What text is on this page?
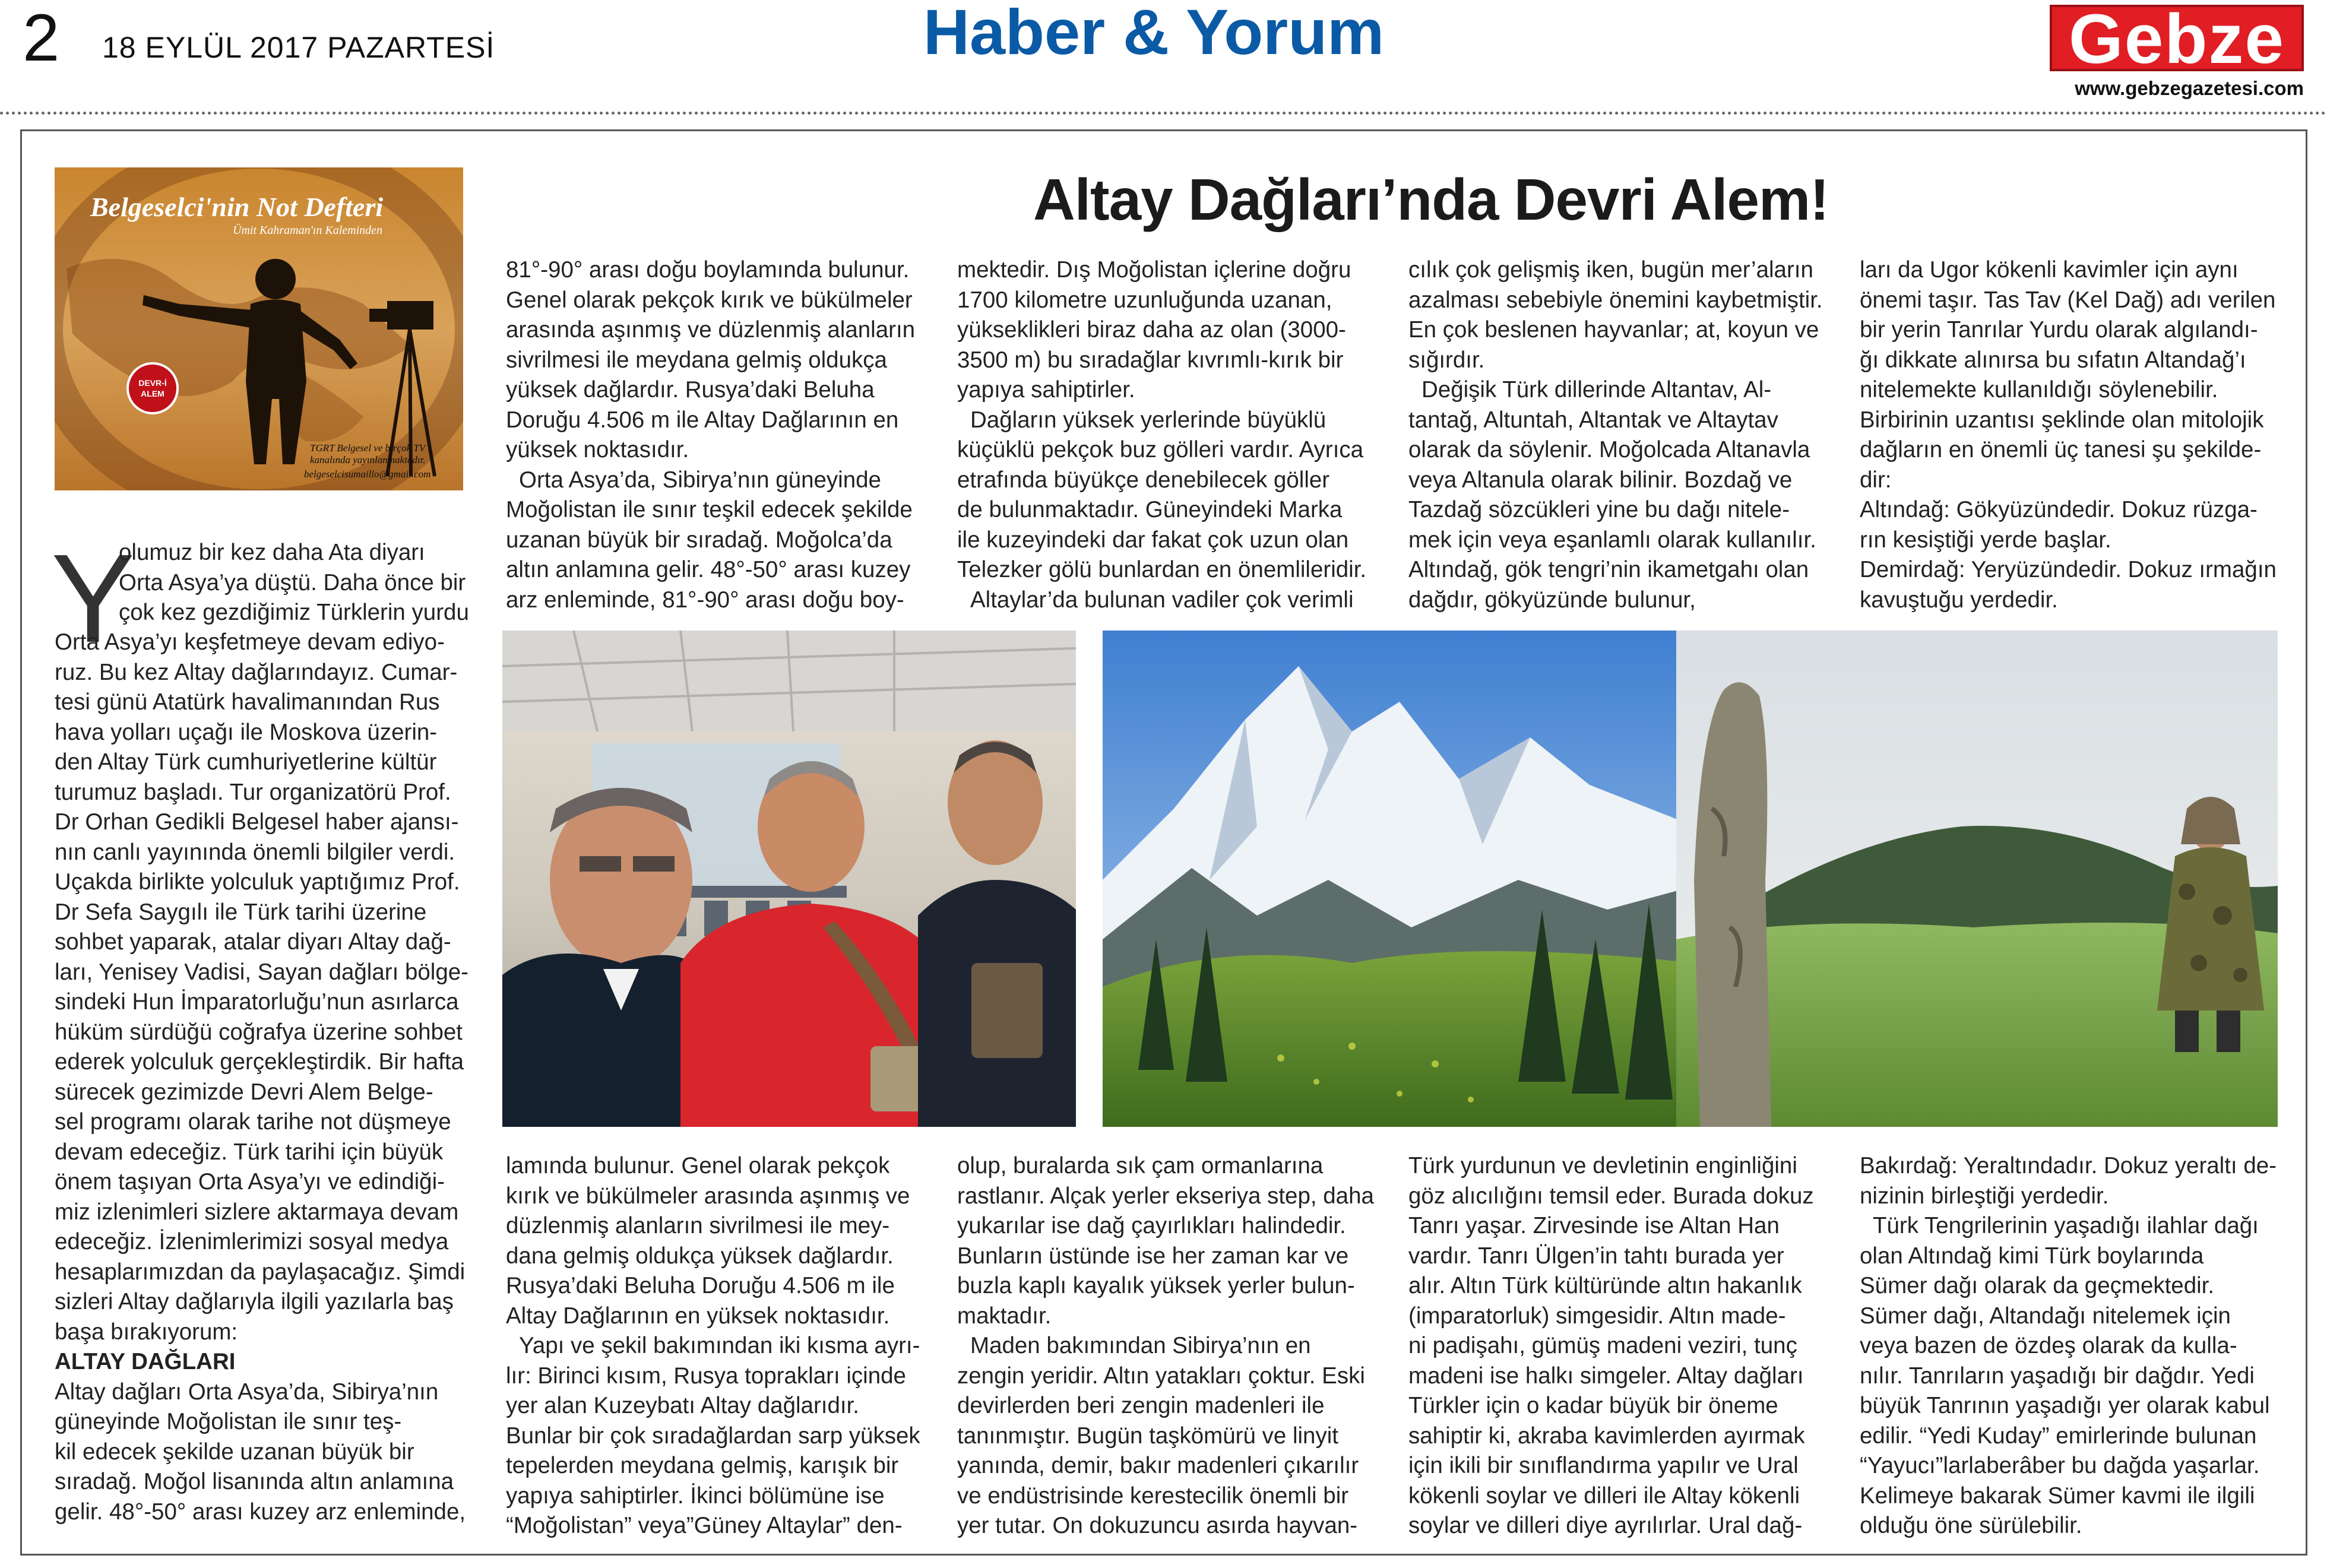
2 18 EYLÜL 2017 PAZARTESİ	Haber & Yorum	Gebze
www.gebzegazetesi.com
Altay Dağları’nda Devri Alem!
Belgeselci'nin Not Defteri
Ümit Kahraman'ın Kaleminden
DEVR-İ
ALEM
TGRT Belgesel ve birçok TV
kanalında yayınlanmaktadır.
belgeselcisumaillo@gmail.com
Y

olumuz bir kez daha Ata diyarı

Orta Asya’ya düştü. Daha önce bir

çok kez gezdiğimiz Türklerin yurdu

Orta Asya’yı keşfetmeye devam ediyo-

ruz. Bu kez Altay dağlarındayız. Cumar-

tesi günü Atatürk havalimanından Rus

hava yolları uçağı ile Moskova üzerin-

den Altay Türk cumhuriyetlerine kültür

turumuz başladı. Tur organizatörü Prof.

Dr Orhan Gedikli Belgesel haber ajansı-

nın canlı yayınında önemli bilgiler verdi.

Uçakda birlikte yolculuk yaptığımız Prof.

Dr Sefa Saygılı ile Türk tarihi üzerine

sohbet yaparak, atalar diyarı Altay dağ-

ları, Yenisey Vadisi, Sayan dağları bölge-

sindeki Hun İmparatorluğu’nun asırlarca

hüküm sürdüğü coğrafya üzerine sohbet

ederek yolculuk gerçekleştirdik. Bir hafta

sürecek gezimizde Devri Alem Belge-

sel programı olarak tarihe not düşmeye

devam edeceğiz. Türk tarihi için büyük

önem taşıyan Orta Asya’yı ve edindiği-

miz izlenimleri sizlere aktarmaya devam

edeceğiz. İzlenimlerimizi sosyal medya

hesaplarımızdan da paylaşacağız. Şimdi

sizleri Altay dağlarıyla ilgili yazılarla baş

başa bırakıyorum:

ALTAY DAĞLARI

Altay dağları Orta Asya’da, Sibirya’nın

güneyinde Moğolistan ile sınır teş-

kil edecek şekilde uzanan büyük bir

sıradağ. Moğol lisanında altın anlamına

gelir. 48°-50° arası kuzey arz enleminde,

81°-90° arası doğu boylamında bulunur.

Genel olarak pekçok kırık ve bükülmeler

arasında aşınmış ve düzlenmiş alanların

sivrilmesi ile meydana gelmiş oldukça

yüksek dağlardır. Rusya’daki Beluha

Doruğu 4.506 m ile Altay Dağlarının en

yüksek noktasıdır.

Orta Asya’da, Sibirya’nın güneyinde

Moğolistan ile sınır teşkil edecek şekilde

uzanan büyük bir sıradağ. Moğolca’da

altın anlamına gelir. 48°-50° arası kuzey

arz enleminde, 81°-90° arası doğu boy-

mektedir. Dış Moğolistan içlerine doğru

1700 kilometre uzunluğunda uzanan,

yükseklikleri biraz daha az olan (3000-

3500 m) bu sıradağlar kıvrımlı-kırık bir

yapıya sahiptirler.

Dağların yüksek yerlerinde büyüklü

küçüklü pekçok buz gölleri vardır. Ayrıca

etrafında büyükçe denebilecek göller

de bulunmaktadır. Güneyindeki Marka

ile kuzeyindeki dar fakat çok uzun olan

Telezker gölü bunlardan en önemlileridir.

Altaylar’da bulunan vadiler çok verimli

cılık çok gelişmiş iken, bugün mer’aların

azalması sebebiyle önemini kaybetmiştir.

En çok beslenen hayvanlar; at, koyun ve

sığırdır.

Değişik Türk dillerinde Altantav, Al-

tantağ, Altuntah, Altantak ve Altaytav

olarak da söylenir. Moğolcada Altanavla

veya Altanula olarak bilinir. Bozdağ ve

Tazdağ sözcükleri yine bu dağı nitele-

mek için veya eşanlamlı olarak kullanılır.

Altındağ, gök tengri’nin ikametgahı olan

dağdır, gökyüzünde bulunur,

ları da Ugor kökenli kavimler için aynı

önemi taşır. Tas Tav (Kel Dağ) adı verilen

bir yerin Tanrılar Yurdu olarak algılandı-

ğı dikkate alınırsa bu sıfatın Altandağ’ı

nitelemekte kullanıldığı söylenebilir.

Birbirinin uzantısı şeklinde olan mitolojik

dağların en önemli üç tanesi şu şekilde-

dir:

Altındağ: Gökyüzündedir. Dokuz rüzga-

rın kesiştiği yerde başlar.

Demirdağ: Yeryüzündedir. Dokuz ırmağın

kavuştuğu yerdedir.

lamında bulunur. Genel olarak pekçok

kırık ve bükülmeler arasında aşınmış ve

düzlenmiş alanların sivrilmesi ile mey-

dana gelmiş oldukça yüksek dağlardır.

Rusya’daki Beluha Doruğu 4.506 m ile

Altay Dağlarının en yüksek noktasıdır.

Yapı ve şekil bakımından iki kısma ayrı-

lır: Birinci kısım, Rusya toprakları içinde

yer alan Kuzeybatı Altay dağlarıdır.

Bunlar bir çok sıradağlardan sarp yüksek

tepelerden meydana gelmiş, karışık bir

yapıya sahiptirler. İkinci bölümüne ise

“Moğolistan” veya”Güney Altaylar” den-

olup, buralarda sık çam ormanlarına

rastlanır. Alçak yerler ekseriya step, daha

yukarılar ise dağ çayırlıkları halindedir.

Bunların üstünde ise her zaman kar ve

buzla kaplı kayalık yüksek yerler bulun-

maktadır.

Maden bakımından Sibirya’nın en

zengin yeridir. Altın yatakları çoktur. Eski

devirlerden beri zengin madenleri ile

tanınmıştır. Bugün taşkömürü ve linyit

yanında, demir, bakır madenleri çıkarılır

ve endüstrisinde kerestecilik önemli bir

yer tutar. On dokuzuncu asırda hayvan-

Türk yurdunun ve devletinin enginliğini

göz alıcılığını temsil eder. Burada dokuz

Tanrı yaşar. Zirvesinde ise Altan Han

vardır. Tanrı Ülgen’in tahtı burada yer

alır. Altın Türk kültüründe altın hakanlık

(imparatorluk) simgesidir. Altın made-

ni padişahı, gümüş madeni veziri, tunç

madeni ise halkı simgeler. Altay dağları

Türkler için o kadar büyük bir öneme

sahiptir ki, akraba kavimlerden ayırmak

için ikili bir sınıflandırma yapılır ve Ural

kökenli soylar ve dilleri ile Altay kökenli

soylar ve dilleri diye ayrılırlar. Ural dağ-

Bakırdağ: Yeraltındadır. Dokuz yeraltı de-

nizinin birleştiği yerdedir.

Türk Tengrilerinin yaşadığı ilahlar dağı

olan Altındağ kimi Türk boylarında

Sümer dağı olarak da geçmektedir.

Sümer dağı, Altandağı nitelemek için

veya bazen de özdeş olarak da kulla-

nılır. Tanrıların yaşadığı bir dağdır. Yedi

büyük Tanrının yaşadığı yer olarak kabul

edilir. “Yedi Kuday” emirlerinde bulunan

“Yayucı”larlaberâber bu dağda yaşarlar.

Kelimeye bakarak Sümer kavmi ile ilgili

olduğu öne sürülebilir.
